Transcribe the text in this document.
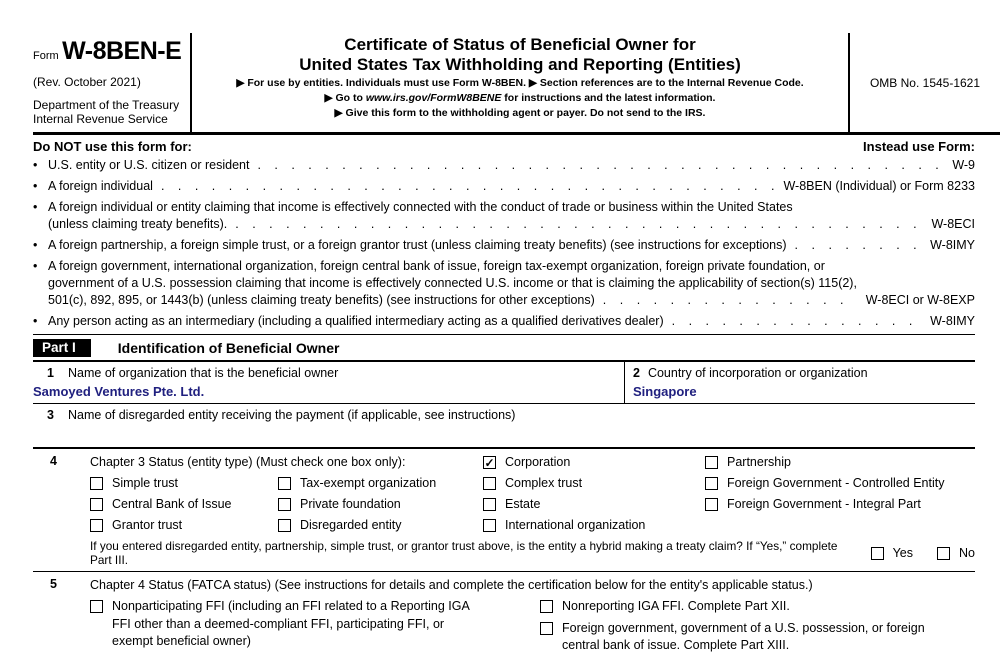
Form W-8BEN-E
(Rev. October 2021)
Department of the Treasury
Internal Revenue Service
Certificate of Status of Beneficial Owner for
United States Tax Withholding and Reporting (Entities)
▶ For use by entities. Individuals must use Form W-8BEN. ▶ Section references are to the Internal Revenue Code.
▶ Go to www.irs.gov/FormW8BENE for instructions and the latest information.
▶ Give this form to the withholding agent or payer. Do not send to the IRS.
OMB No. 1545-1621
Do NOT use this form for:	Instead use Form:
•
U.S. entity or U.S. citizen or resident . . .	W-9
•
A foreign individual . . .	W-8BEN (Individual) or Form 8233
•
A foreign individual or entity claiming that income is effectively connected with the conduct of trade or business within the United States
(unless claiming treaty benefits). . . .	W-8ECI
•
A foreign partnership, a foreign simple trust, or a foreign grantor trust (unless claiming treaty benefits) (see instructions for exceptions) . . .	W-8IMY
•
A foreign government, international organization, foreign central bank of issue, foreign tax-exempt organization, foreign private foundation, or
government of a U.S. possession claiming that income is effectively connected U.S. income or that is claiming the applicability of section(s) 115(2),
501(c), 892, 895, or 1443(b) (unless claiming treaty benefits) (see instructions for other exceptions) . . .	W-8ECI or W-8EXP
•
Any person acting as an intermediary (including a qualified intermediary acting as a qualified derivatives dealer) . . .	W-8IMY
Part I	Identification of Beneficial Owner
1 Name of organization that is the beneficial owner
Samoyed Ventures Pte. Ltd.
2 Country of incorporation or organization
Singapore
3 Name of disregarded entity receiving the payment (if applicable, see instructions)
4	Chapter 3 Status (entity type) (Must check one box only): ✓	Corporation	Partnership
Simple trust	Tax-exempt organization	Complex trust	Foreign Government - Controlled Entity
Central Bank of Issue	Private foundation	Estate	Foreign Government - Integral Part
Grantor trust	Disregarded entity	International organization
If you entered disregarded entity, partnership, simple trust, or grantor trust above, is the entity a hybrid making a treaty claim? If “Yes,” complete Part III.
Yes	No
5	Chapter 4 Status (FATCA status) (See instructions for details and complete the certification below for the entity's applicable status.)
Nonparticipating FFI (including an FFI related to a Reporting IGA
FFI other than a deemed-compliant FFI, participating FFI, or
exempt beneficial owner)
Nonreporting IGA FFI. Complete Part XII.
Foreign government, government of a U.S. possession, or foreign
central bank of issue. Complete Part XIII.
